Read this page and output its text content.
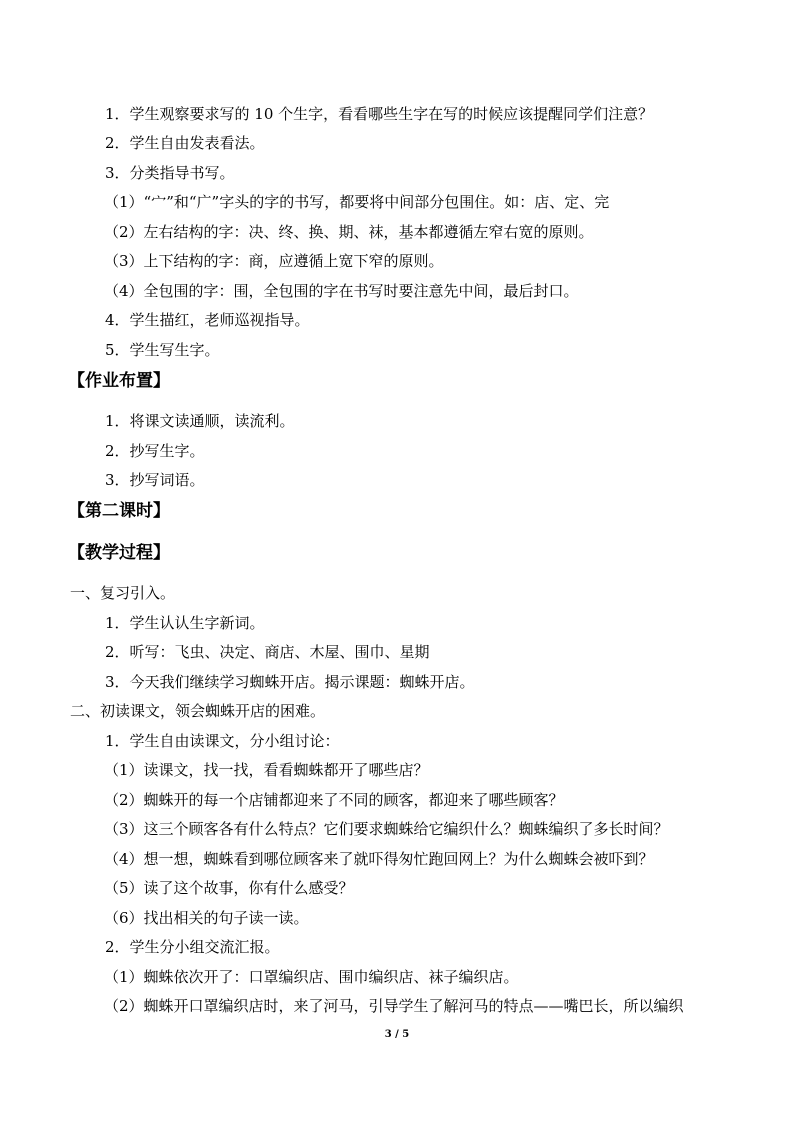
1．学生观察要求写的 10 个生字，看看哪些生字在写的时候应该提醒同学们注意？
2．学生自由发表看法。
3．分类指导书写。
（1）“宀”和“广”字头的字的书写，都要将中间部分包围住。如：店、定、完
（2）左右结构的字：决、终、换、期、袜，基本都遵循左窄右宽的原则。
（3）上下结构的字：商，应遵循上宽下窄的原则。
（4）全包围的字：围，全包围的字在书写时要注意先中间，最后封口。
4．学生描红，老师巡视指导。
5．学生写生字。
【作业布置】
1．将课文读通顺，读流利。
2．抄写生字。
3．抄写词语。
【第二课时】
【教学过程】
一、复习引入。
1．学生认认生字新词。
2．听写：飞虫、决定、商店、木屋、围巾、星期
3．今天我们继续学习蜘蛛开店。揭示课题：蜘蛛开店。
二、初读课文，领会蜘蛛开店的困难。
1．学生自由读课文，分小组讨论：
（1）读课文，找一找，看看蜘蛛都开了哪些店？
（2）蜘蛛开的每一个店铺都迎来了不同的顾客，都迎来了哪些顾客？
（3）这三个顾客各有什么特点？它们要求蜘蛛给它编织什么？蜘蛛编织了多长时间？
（4）想一想，蜘蛛看到哪位顾客来了就吓得匆忙跑回网上？为什么蜘蛛会被吓到？
（5）读了这个故事，你有什么感受？
（6）找出相关的句子读一读。
2．学生分小组交流汇报。
（1）蜘蛛依次开了：口罩编织店、围巾编织店、袜子编织店。
（2）蜘蛛开口罩编织店时，来了河马，引导学生了解河马的特点——嘴巴长，所以编织
3 / 5
